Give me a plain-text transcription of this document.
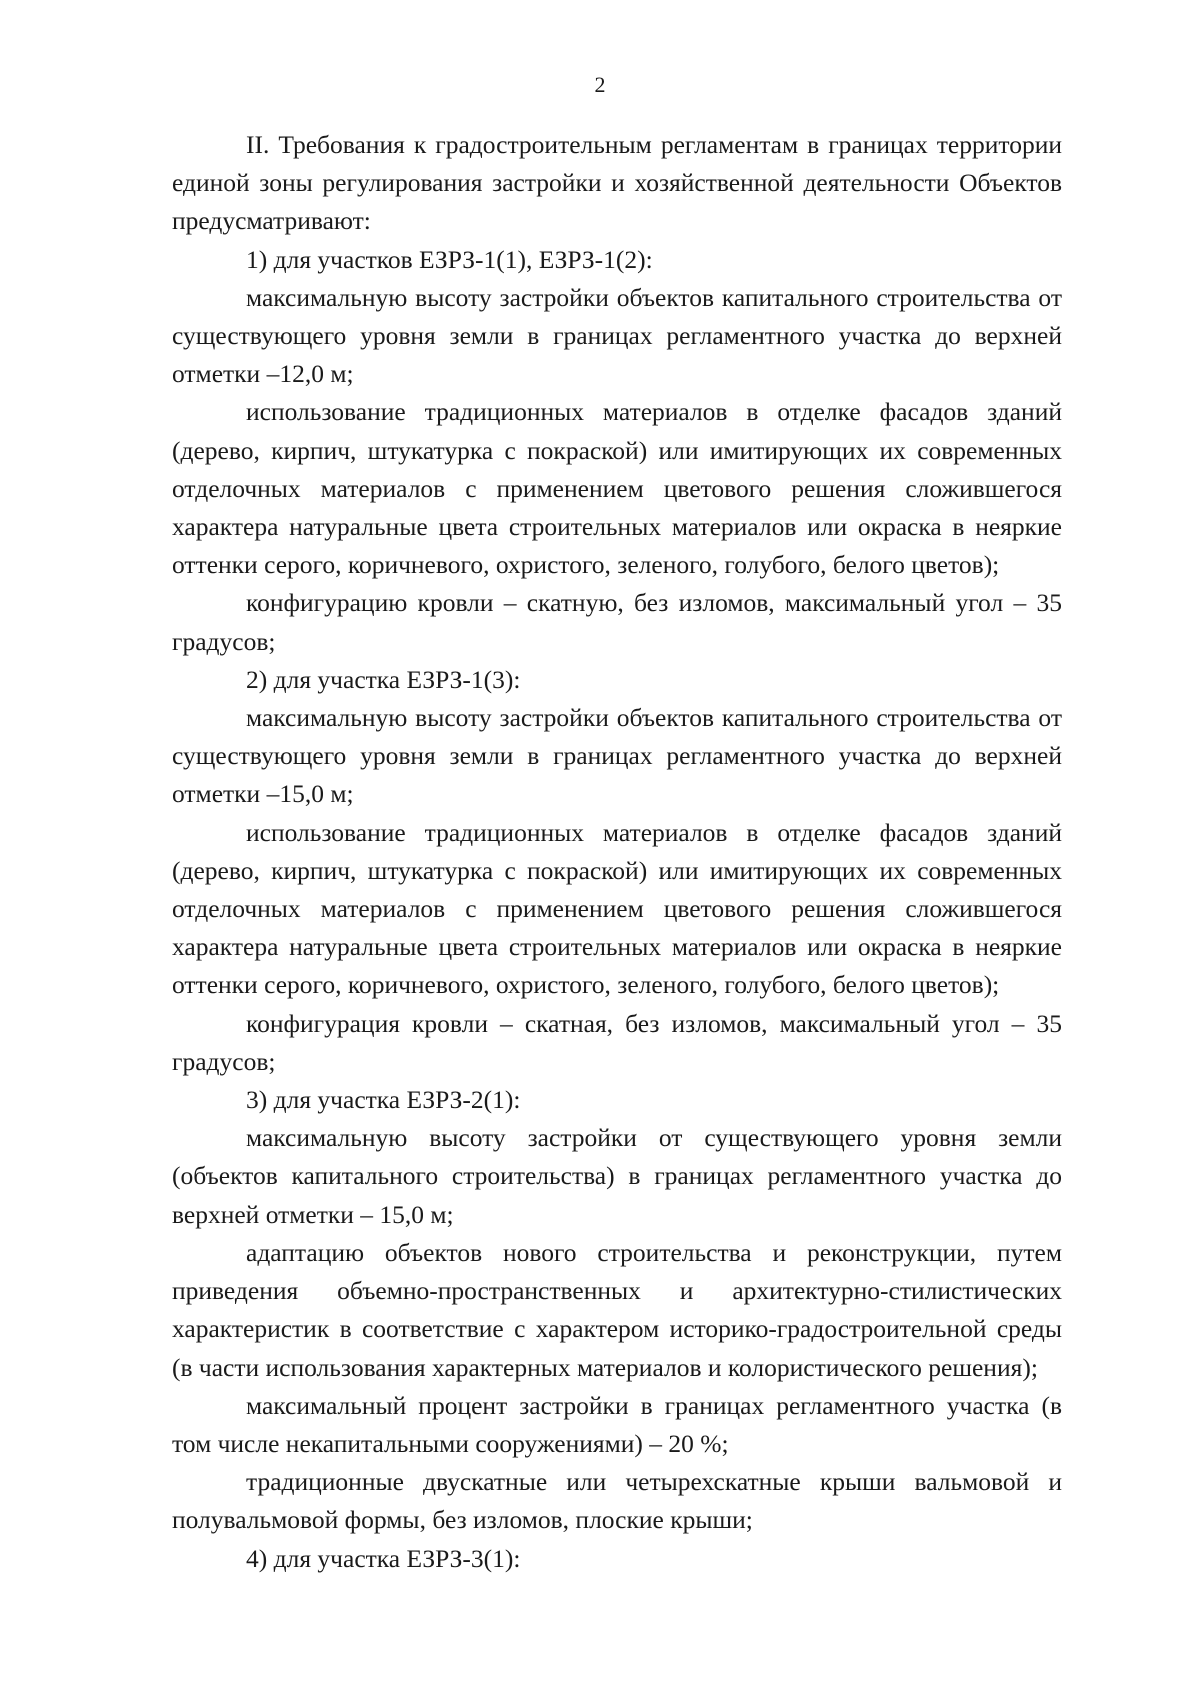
2

II. Требования к градостроительным регламентам в границах территории единой зоны регулирования застройки и хозяйственной деятельности Объектов предусматривают:

1) для участков ЕЗРЗ-1(1), ЕЗРЗ-1(2):

максимальную высоту застройки объектов капитального строительства от существующего уровня земли в границах регламентного участка до верхней отметки –12,0 м;

использование традиционных материалов в отделке фасадов зданий (дерево, кирпич, штукатурка с покраской) или имитирующих их современных отделочных материалов с применением цветового решения сложившегося характера натуральные цвета строительных материалов или окраска в неяркие оттенки серого, коричневого, охристого, зеленого, голубого, белого цветов);

конфигурацию кровли – скатную, без изломов, максимальный угол – 35 градусов;

2) для участка ЕЗРЗ-1(3):

максимальную высоту застройки объектов капитального строительства от существующего уровня земли в границах регламентного участка до верхней отметки –15,0 м;

использование традиционных материалов в отделке фасадов зданий (дерево, кирпич, штукатурка с покраской) или имитирующих их современных отделочных материалов с применением цветового решения сложившегося характера натуральные цвета строительных материалов или окраска в неяркие оттенки серого, коричневого, охристого, зеленого, голубого, белого цветов);

конфигурация кровли – скатная, без изломов, максимальный угол – 35 градусов;

3) для участка ЕЗРЗ-2(1):

максимальную высоту застройки от существующего уровня земли (объектов капитального строительства) в границах регламентного участка до верхней отметки – 15,0 м;

адаптацию объектов нового строительства и реконструкции, путем приведения объемно-пространственных и архитектурно-стилистических характеристик в соответствие с характером историко-градостроительной среды (в части использования характерных материалов и колористического решения);

максимальный процент застройки в границах регламентного участка (в том числе некапитальными сооружениями) – 20 %;

традиционные двускатные или четырехскатные крыши вальмовой и полувальмовой формы, без изломов, плоские крыши;

4) для участка ЕЗРЗ-3(1):
